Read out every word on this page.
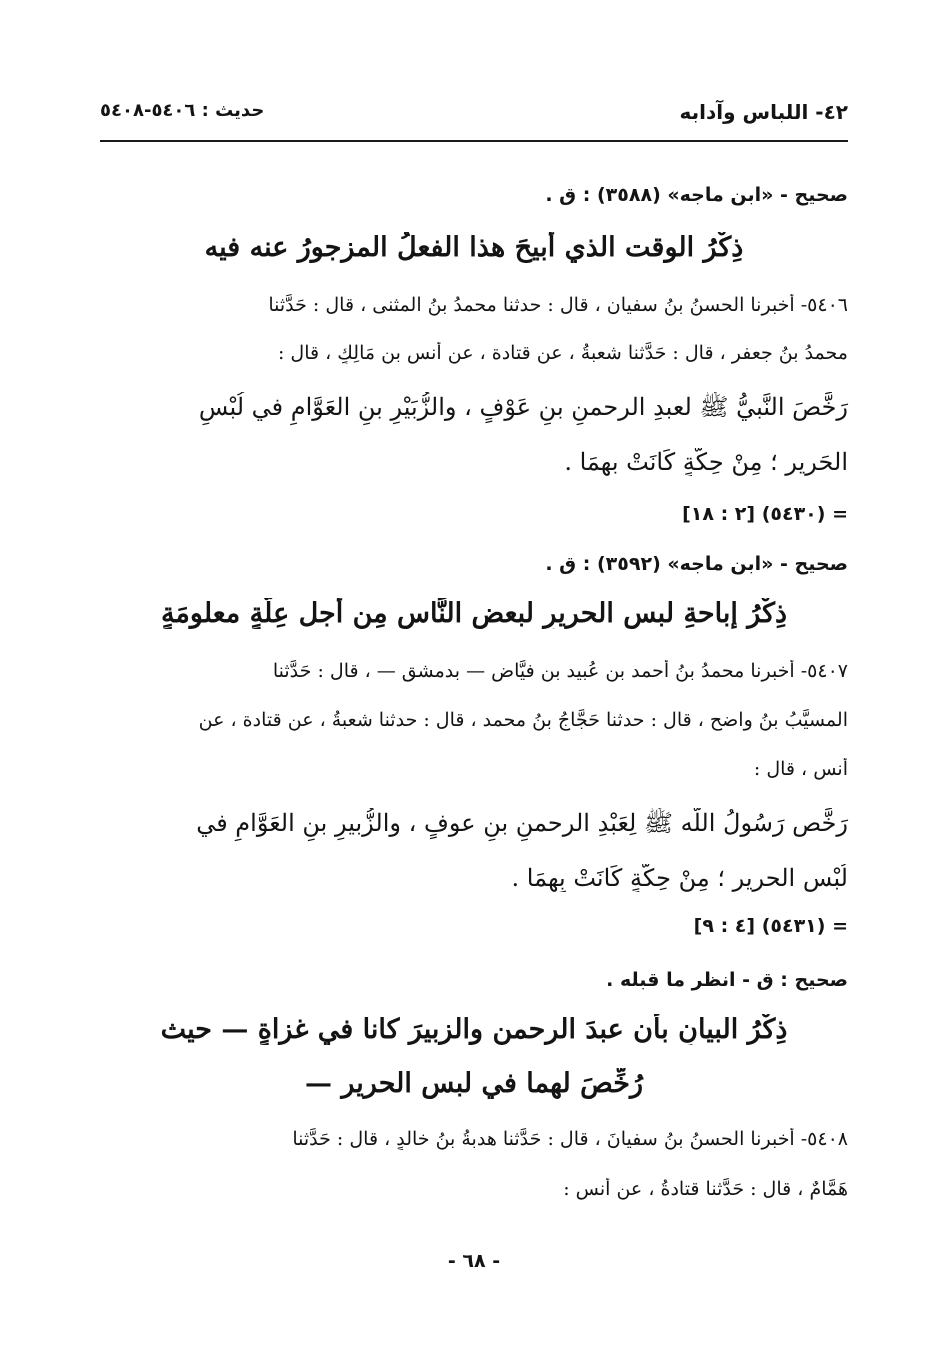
٤٢- اللباس وآدابه
حديث : ٥٤٠٦-٥٤٠٨
صحيح - «ابن ماجه» (٣٥٨٨) : ق .
ذِكْرُ الوقت الذي أُبيحَ هذا الفعلُ المزجورُ عنه فيه
٥٤٠٦- أخبرنا الحسنُ بنُ سفيان ، قال : حدثنا محمدُ بنُ المثنى ، قال : حَدَّثنا
محمدُ بنُ جعفر ، قال : حَدَّثنا شعبةُ ، عن قتادة ، عن أنس بن مَالِكٍ ، قال :
رَخَّصَ النَّبيُّ ﷺ لعبدِ الرحمنِ بنِ عَوْفٍ ، والزُّبَيْرِ بنِ العَوَّامِ في لُبْسِ
الحَريرِ ؛ مِنْ حِكَّةٍ كَانَتْ بهمَا .
= (٥٤٣٠) [٢ : ١٨]
صحيح - «ابن ماجه» (٣٥٩٢) : ق .
ذِكْرُ إباحةِ لبس الحريرِ لبعضِ النَّاس مِن أجل عِلَّةٍ معلومَةٍ
٥٤٠٧- أخبرنا محمدُ بنُ أحمد بنِ عُبيد بنِ فيَّاض — بدمشق — ، قال : حَدَّثنا
المسيَّبُ بنُ واضحٍ ، قال : حدثنا حَجَّاجُ بنُ محمد ، قال : حدثنا شعبةُ ، عن قتادة ، عن
أنسٍ ، قال :
رَخَّص رَسُولُ اللّه ﷺ لِعَبْدِ الرحمنِ بنِ عوفٍ ، والزُّبيرِ بنِ العَوَّامِ في
لُبْسِ الحرير ؛ مِنْ حِكَّةٍ كَانَتْ بِهِمَا .
= (٥٤٣١) [٤ : ٩]
صحيح : ق - انظر ما قبله .
ذِكْرُ البيانِ بأن عبدَ الرحمن والزبيرَ كانا في غزاةٍ — حيث
رُخِّصَ لهما في لبسِ الحرير —
٥٤٠٨- أخبرنا الحسنُ بنُ سفيانَ ، قال : حَدَّثنا هدبةُ بنُ خالدٍ ، قال : حَدَّثنا
هَمَّامٌ ، قال : حَدَّثنا قتادةُ ، عن أنس :
- ٦٨ -
